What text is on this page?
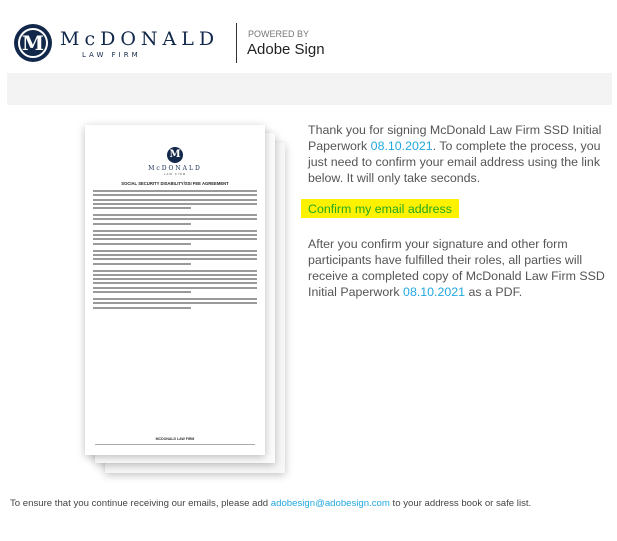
M McDONALD
LAW FIRM
POWERED BY
Adobe Sign
M
McDONALD
LAW FIRM
SOCIAL SECURITY DISABILITY/SSI FEE AGREEMENT
MCDONALD LAW FIRM
Thank you for signing McDonald Law Firm SSD Initial Paperwork 08.10.2021. To complete the process, you just need to confirm your email address using the link below. It will only take seconds.
Confirm my email address
After you confirm your signature and other form participants have fulfilled their roles, all parties will receive a completed copy of McDonald Law Firm SSD Initial Paperwork 08.10.2021 as a PDF.
To ensure that you continue receiving our emails, please add adobesign@adobesign.com to your address book or safe list.
